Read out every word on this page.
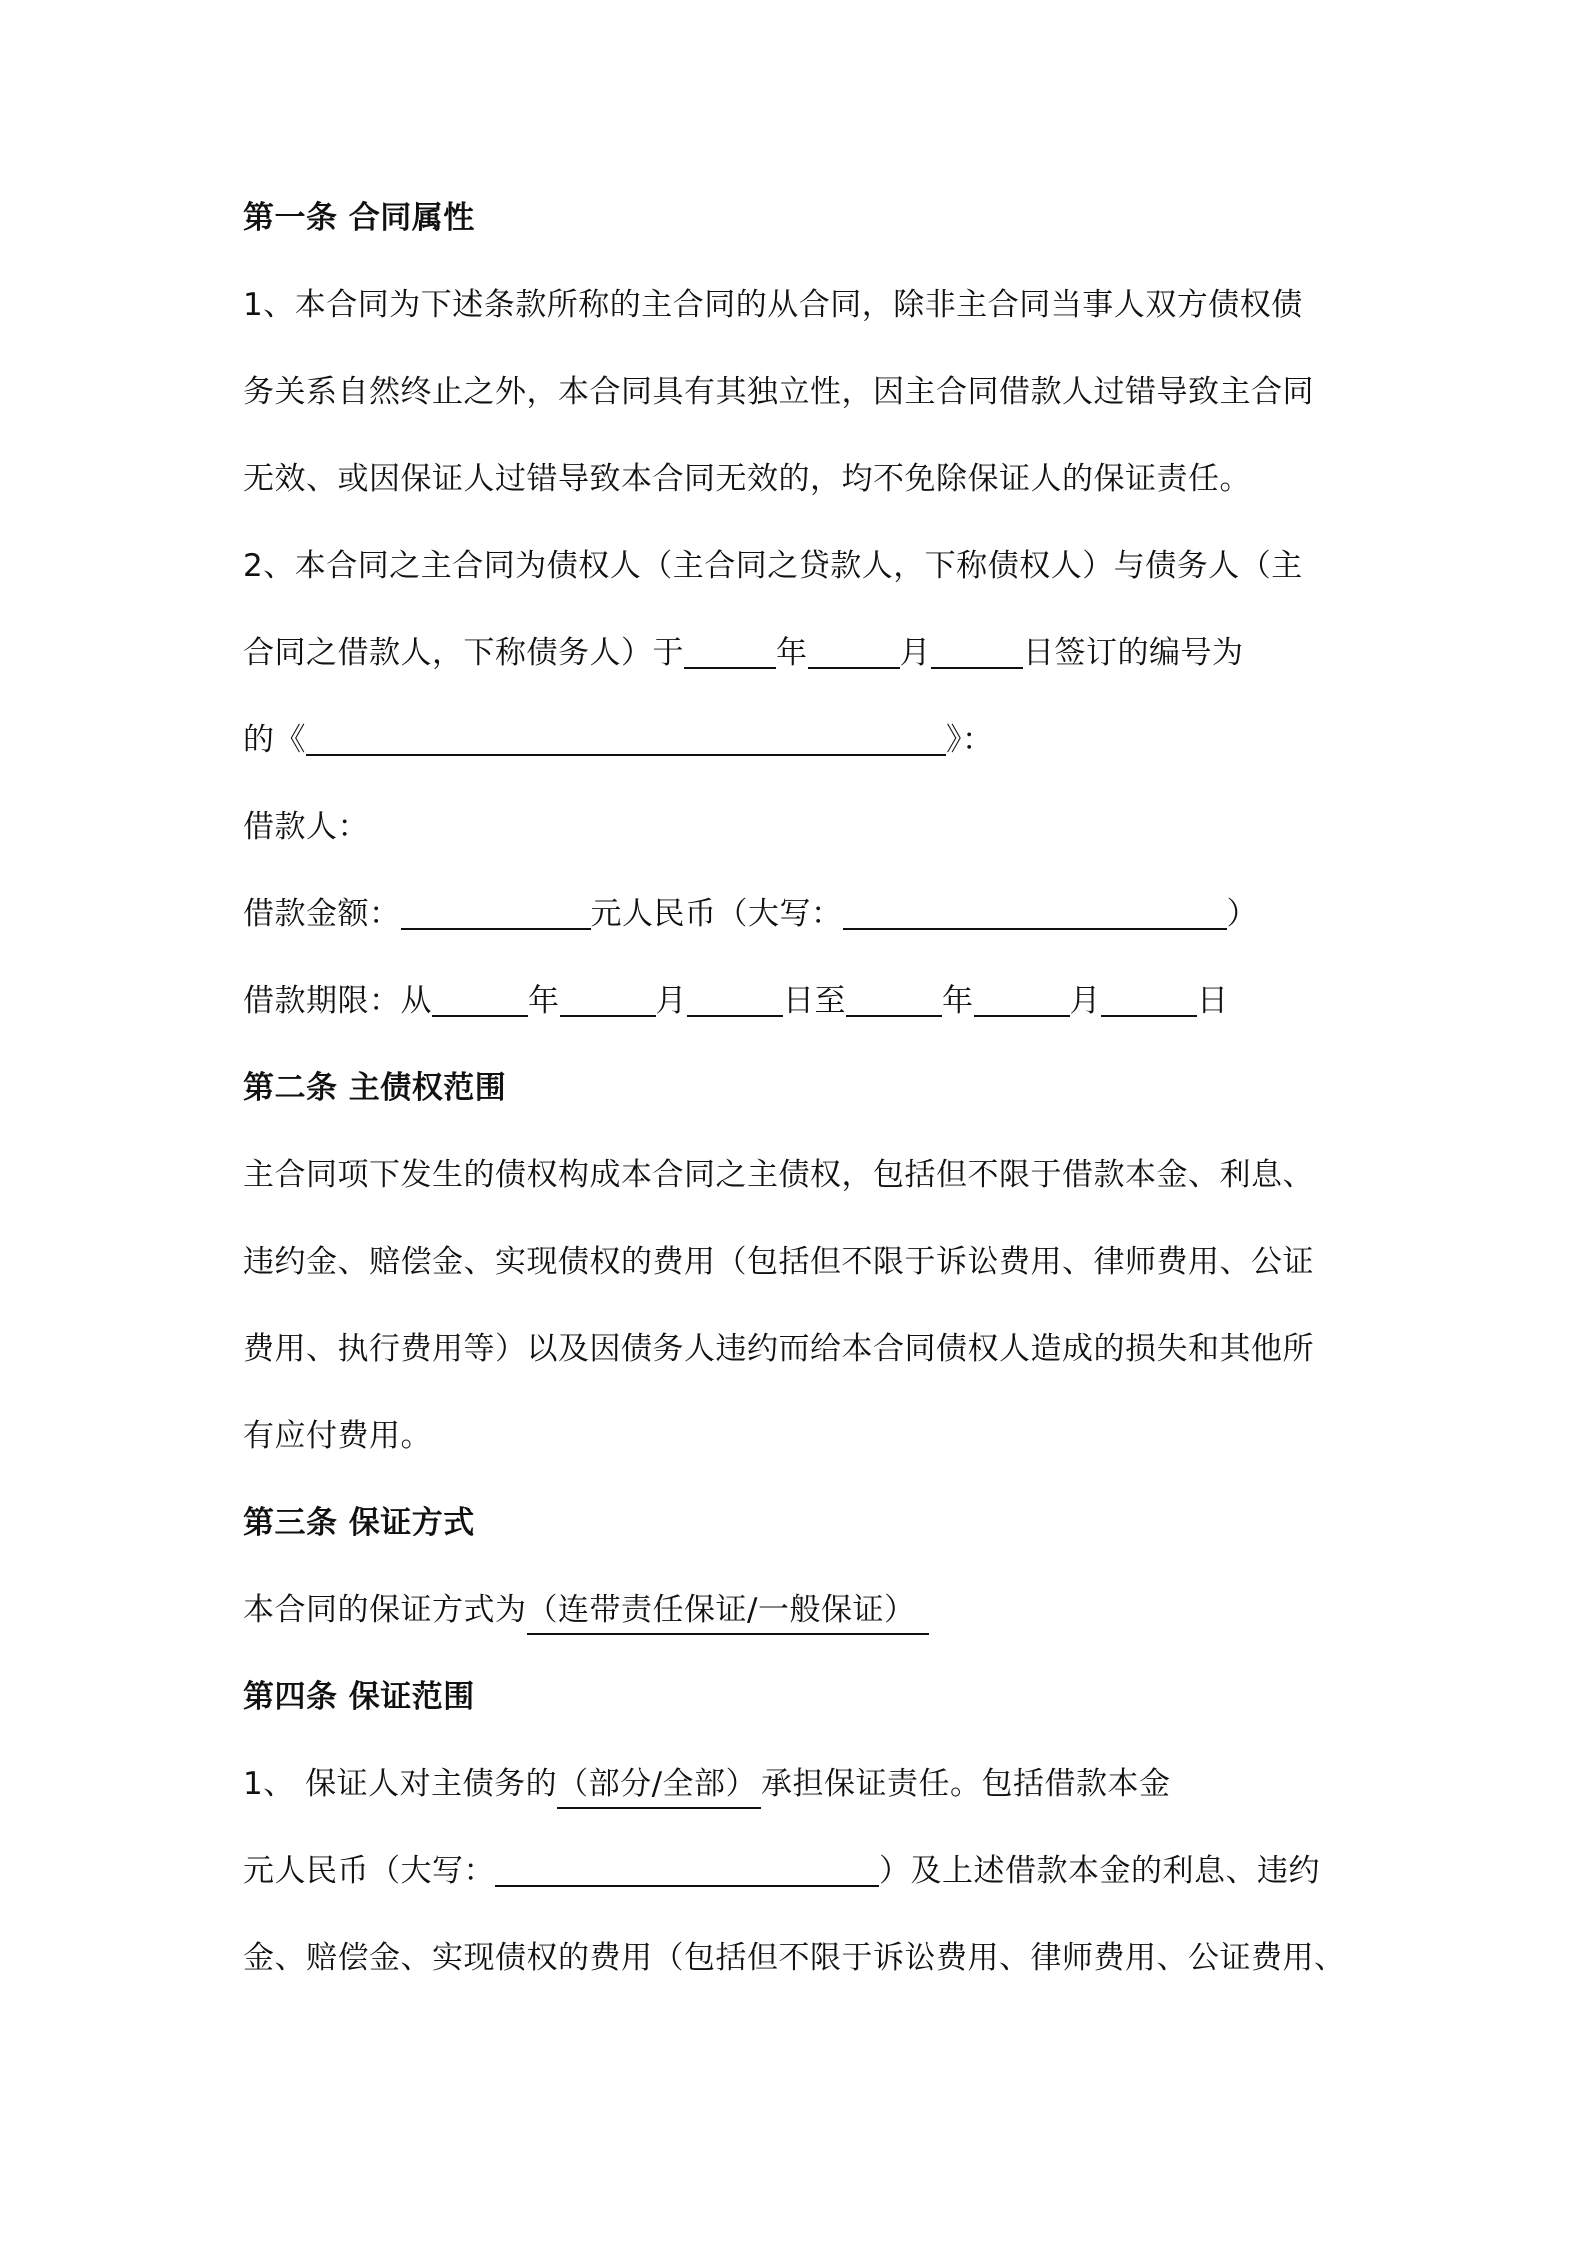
第一条 合同属性
1、本合同为下述条款所称的主合同的从合同，除非主合同当事人双方债权债
务关系自然终止之外，本合同具有其独立性，因主合同借款人过错导致主合同
无效、或因保证人过错导致本合同无效的，均不免除保证人的保证责任。
2、本合同之主合同为债权人（主合同之贷款人，下称债权人）与债务人（主
合同之借款人，下称债务人）于	年	月	日签订的编号为
的《	》：
借款人：
借款金额：	元人民币（大写：	）
借款期限：从	年	月	日至	年	月	日
第二条 主债权范围
主合同项下发生的债权构成本合同之主债权，包括但不限于借款本金、利息、
违约金、赔偿金、实现债权的费用（包括但不限于诉讼费用、律师费用、公证
费用、执行费用等）以及因债务人违约而给本合同债权人造成的损失和其他所
有应付费用。
第三条 保证方式
本合同的保证方式为（连带责任保证/一般保证）
第四条 保证范围
1、 保证人对主债务的（部分/全部） 承担保证责任。包括借款本金
元人民币（大写：	）及上述借款本金的利息、违约
金、赔偿金、实现债权的费用（包括但不限于诉讼费用、律师费用、公证费用、
